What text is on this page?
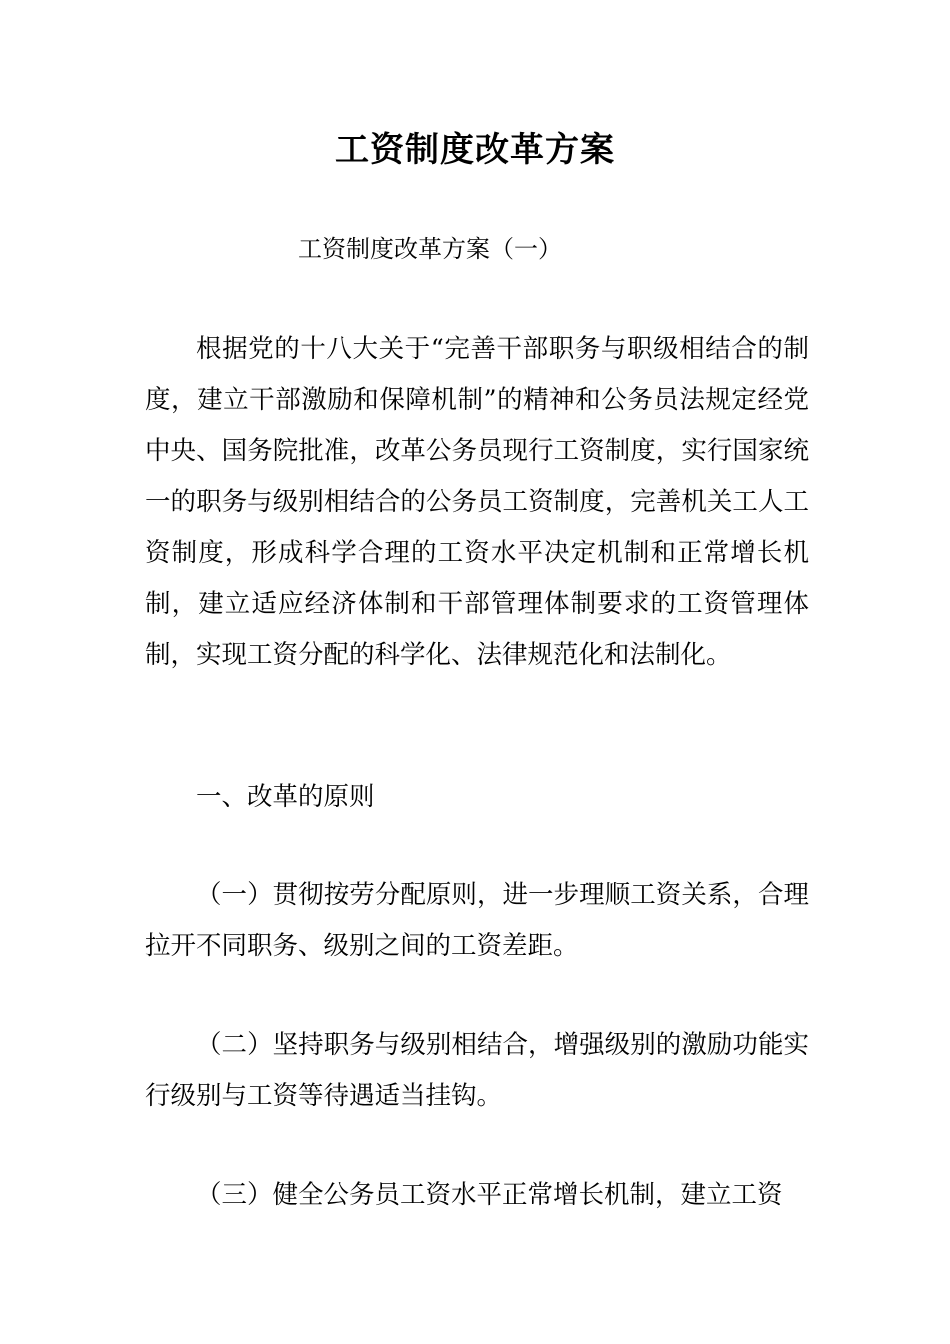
工资制度改革方案
工资制度改革方案（一）

根据党的十八大关于“完善干部职务与职级相结合的制度，建立干部激励和保障机制”的精神和公务员法规定经党中央、国务院批准，改革公务员现行工资制度，实行国家统一的职务与级别相结合的公务员工资制度，完善机关工人工资制度，形成科学合理的工资水平决定机制和正常增长机制，建立适应经济体制和干部管理体制要求的工资管理体制，实现工资分配的科学化、法律规范化和法制化。

一、改革的原则

（一）贯彻按劳分配原则，进一步理顺工资关系，合理拉开不同职务、级别之间的工资差距。

（二）坚持职务与级别相结合，增强级别的激励功能实行级别与工资等待遇适当挂钩。

（三）健全公务员工资水平正常增长机制，建立工资
